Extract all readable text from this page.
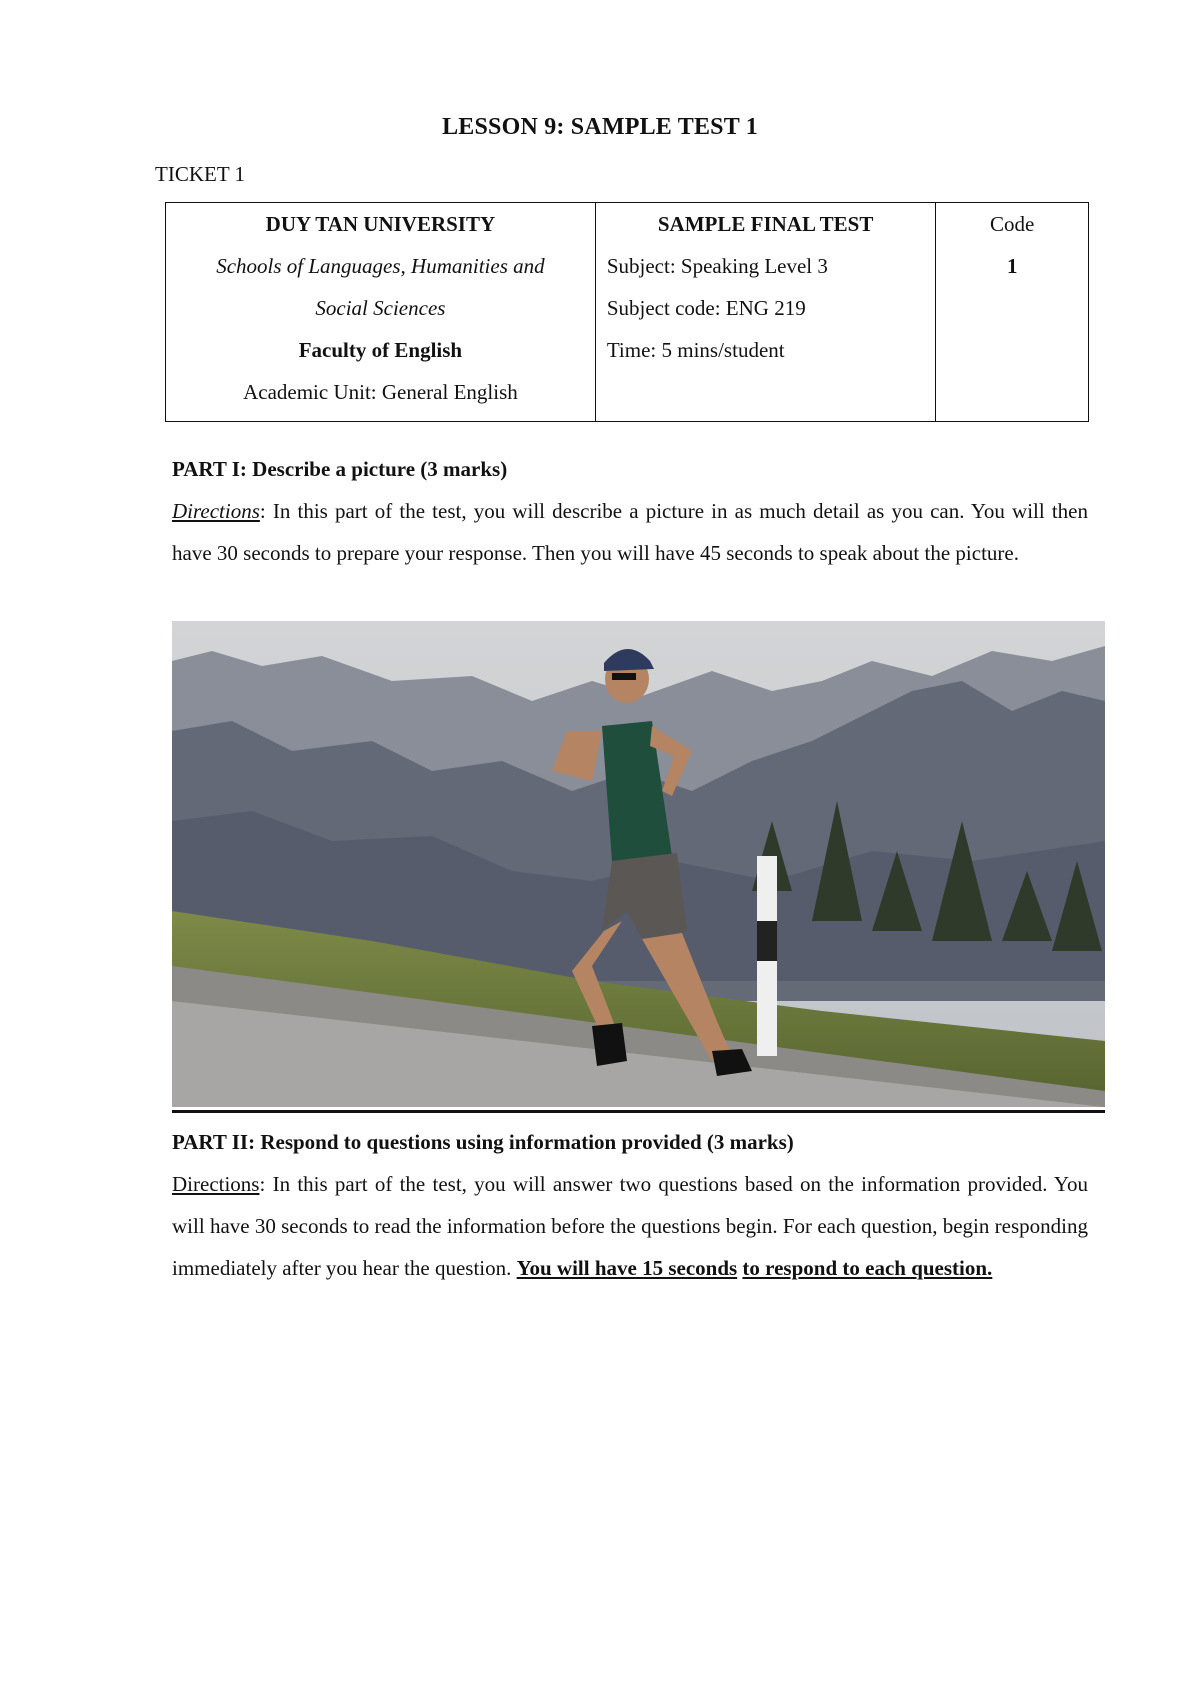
LESSON 9: SAMPLE TEST 1
TICKET 1
DUY TAN UNIVERSITY
Schools of Languages, Humanities and
Social Sciences
Faculty of English
Academic Unit: General English

SAMPLE FINAL TEST
Subject: Speaking Level 3
Subject code: ENG 219
Time: 5 mins/student

Code
1
PART I: Describe a picture (3 marks)
Directions: In this part of the test, you will describe a picture in as much detail as you can. You will then have 30 seconds to prepare your response. Then you will have 45 seconds to speak about the picture.
PART II: Respond to questions using information provided (3 marks)
Directions: In this part of the test, you will answer two questions based on the information provided. You will have 30 seconds to read the information before the questions begin. For each question, begin responding immediately after you hear the question. You will have 15 seconds to respond to each question.
